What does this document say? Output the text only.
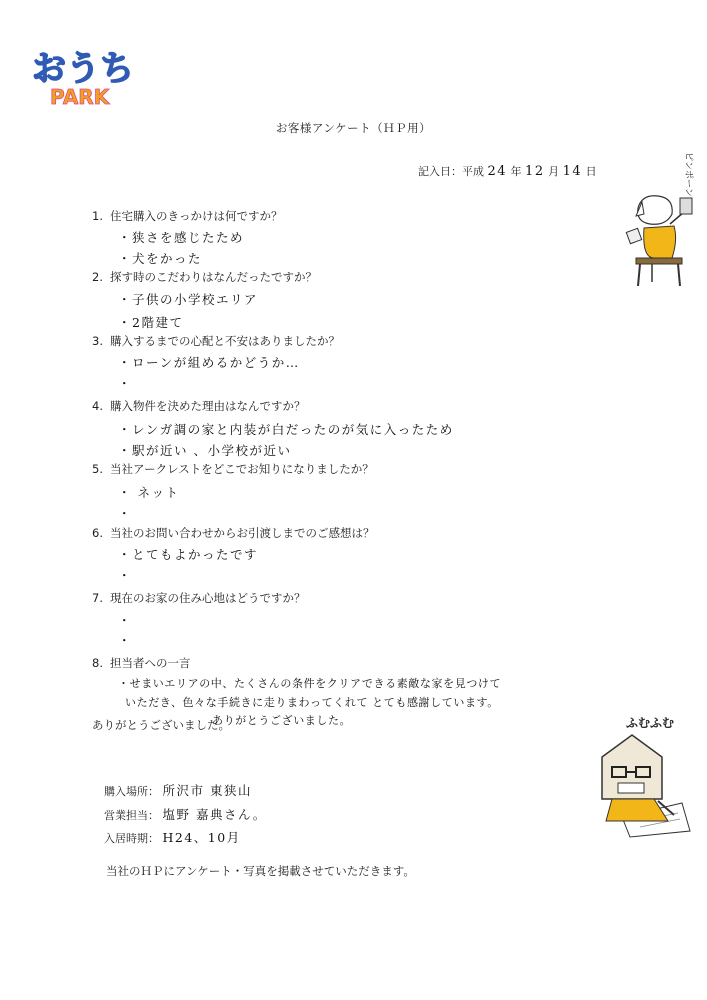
おうち
PARK
お客様アンケート（ＨＰ用）
記入日：平成 24 年 12 月 14 日
1. 住宅購入のきっかけは何ですか？
・狭さを感じたため
・犬をかった
2. 探す時のこだわりはなんだったですか？
・子供の小学校エリア
・2階建て
3. 購入するまでの心配と不安はありましたか？
・ローンが組めるかどうか…
・
4. 購入物件を決めた理由はなんですか？
・レンガ調の家と内装が白だったのが気に入ったため
・駅が近い 、小学校が近い
5. 当社アークレストをどこでお知りになりましたか？
・ ネット
・
6. 当社のお問い合わせからお引渡しまでのご感想は？
・とてもよかったです
・
7. 現在のお家の住み心地はどうですか？
・
・
8. 担当者への一言
・せまいエリアの中、たくさんの条件をクリアできる素敵な家を見つけて
いただき、色々な手続きに走りまわってくれて とても感謝しています。
ありがとうございました。
ありがとうございました。
購入場所： 所沢市 東狭山
営業担当： 塩野 嘉典さん。
入居時期： H24、10月
当社のＨＰにアンケート・写真を掲載させていただきます。
ピンポーン
ふむふむ
